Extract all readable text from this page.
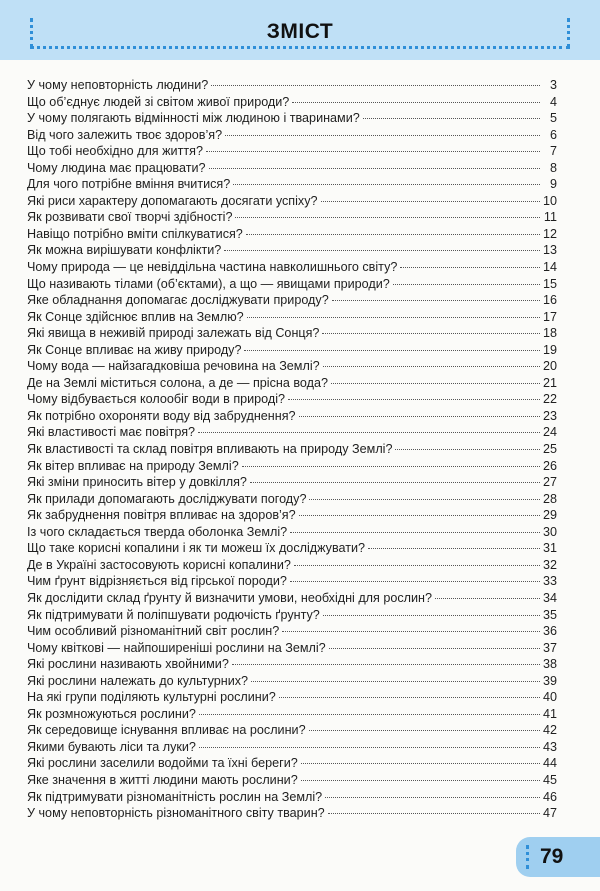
ЗМІСТ
У чому неповторність людини?	3
Що об’єднує людей зі світом живої природи?	4
У чому полягають відмінності між людиною і тваринами?	5
Від чого залежить твоє здоров’я?	6
Що тобі необхідно для життя?	7
Чому людина має працювати?	8
Для чого потрібне вміння вчитися?	9
Які риси характеру допомагають досягати успіху?	10
Як розвивати свої творчі здібності?	11
Навіщо потрібно вміти спілкуватися?	12
Як можна вирішувати конфлікти?	13
Чому природа — це невіддільна частина навколишнього світу?	14
Що називають тілами (об’єктами), а що — явищами природи?	15
Яке обладнання допомагає досліджувати природу?	16
Як Сонце здійснює вплив на Землю?	17
Які явища в неживій природі залежать від Сонця?	18
Як Сонце впливає на живу природу?	19
Чому вода — найзагадковіша речовина на Землі?	20
Де на Землі міститься солона, а де — прісна вода?	21
Чому відбувається колообіг води в природі?	22
Як потрібно охороняти воду від забруднення?	23
Які властивості має повітря?	24
Як властивості та склад повітря впливають на природу Землі?	25
Як вітер впливає на природу Землі?	26
Які зміни приносить вітер у довкілля?	27
Як прилади допомагають досліджувати погоду?	28
Як забруднення повітря впливає на здоров’я?	29
Із чого складається тверда оболонка Землі?	30
Що таке корисні копалини і як ти можеш їх досліджувати?	31
Де в Україні застосовують корисні копалини?	32
Чим ґрунт відрізняється від гірської породи?	33
Як дослідити склад ґрунту й визначити умови, необхідні для рослин?	34
Як підтримувати й поліпшувати родючість ґрунту?	35
Чим особливий різноманітний світ рослин?	36
Чому квіткові — найпоширеніші рослини на Землі?	37
Які рослини називають хвойними?	38
Які рослини належать до культурних?	39
На які групи поділяють культурні рослини?	40
Як розмножуються рослини?	41
Як середовище існування впливає на рослини?	42
Якими бувають ліси та луки?	43
Які рослини заселили водойми та їхні береги?	44
Яке значення в житті людини мають рослини?	45
Як підтримувати різноманітність рослин на Землі?	46
У чому неповторність різноманітного світу тварин?	47
79
